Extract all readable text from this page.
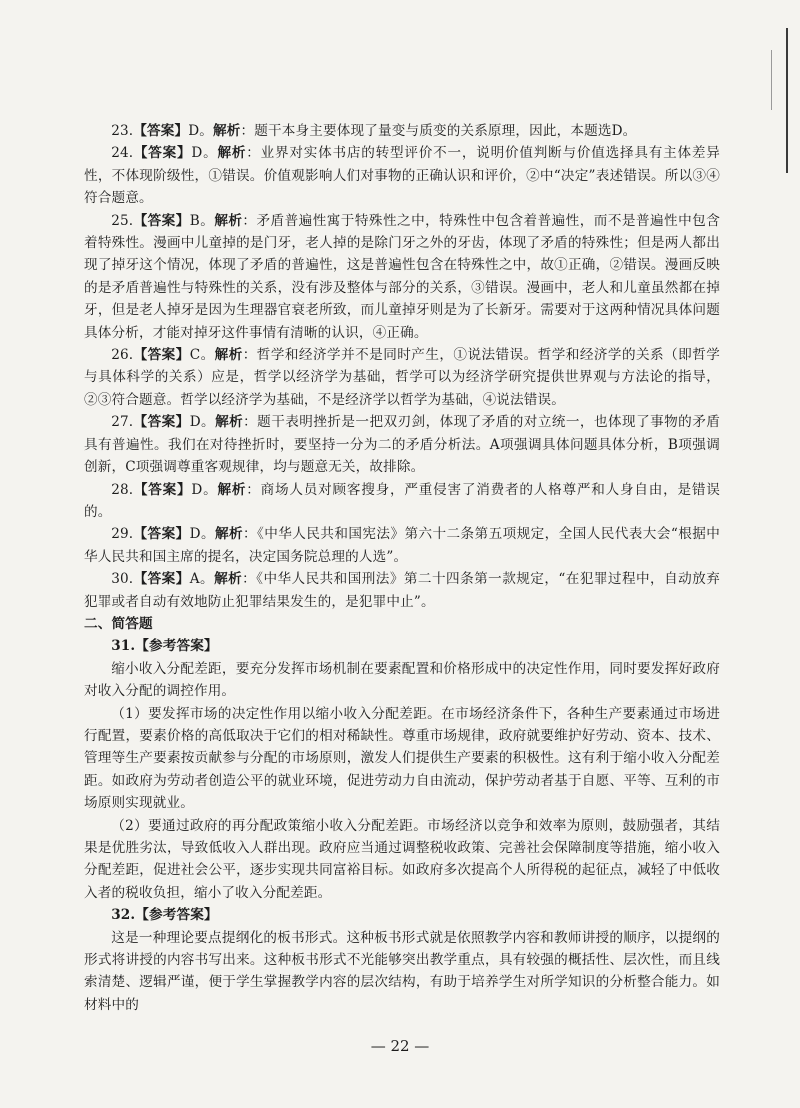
23.【答案】D。解析：题干本身主要体现了量变与质变的关系原理，因此，本题选D。

24.【答案】D。解析：业界对实体书店的转型评价不一，说明价值判断与价值选择具有主体差异性，不体现阶级性，①错误。价值观影响人们对事物的正确认识和评价，②中“决定”表述错误。所以③④符合题意。

25.【答案】B。解析：矛盾普遍性寓于特殊性之中，特殊性中包含着普遍性，而不是普遍性中包含着特殊性。漫画中儿童掉的是门牙，老人掉的是除门牙之外的牙齿，体现了矛盾的特殊性；但是两人都出现了掉牙这个情况，体现了矛盾的普遍性，这是普遍性包含在特殊性之中，故①正确，②错误。漫画反映的是矛盾普遍性与特殊性的关系，没有涉及整体与部分的关系，③错误。漫画中，老人和儿童虽然都在掉牙，但是老人掉牙是因为生理器官衰老所致，而儿童掉牙则是为了长新牙。需要对于这两种情况具体问题具体分析，才能对掉牙这件事情有清晰的认识，④正确。

26.【答案】C。解析：哲学和经济学并不是同时产生，①说法错误。哲学和经济学的关系（即哲学与具体科学的关系）应是，哲学以经济学为基础，哲学可以为经济学研究提供世界观与方法论的指导，②③符合题意。哲学以经济学为基础，不是经济学以哲学为基础，④说法错误。

27.【答案】D。解析：题干表明挫折是一把双刃剑，体现了矛盾的对立统一，也体现了事物的矛盾具有普遍性。我们在对待挫折时，要坚持一分为二的矛盾分析法。A项强调具体问题具体分析，B项强调创新，C项强调尊重客观规律，均与题意无关，故排除。

28.【答案】D。解析：商场人员对顾客搜身，严重侵害了消费者的人格尊严和人身自由，是错误的。

29.【答案】D。解析：《中华人民共和国宪法》第六十二条第五项规定，全国人民代表大会“根据中华人民共和国主席的提名，决定国务院总理的人选”。

30.【答案】A。解析：《中华人民共和国刑法》第二十四条第一款规定，“在犯罪过程中，自动放弃犯罪或者自动有效地防止犯罪结果发生的，是犯罪中止”。

二、简答题

31.【参考答案】

缩小收入分配差距，要充分发挥市场机制在要素配置和价格形成中的决定性作用，同时要发挥好政府对收入分配的调控作用。

（1）要发挥市场的决定性作用以缩小收入分配差距。在市场经济条件下，各种生产要素通过市场进行配置，要素价格的高低取决于它们的相对稀缺性。尊重市场规律，政府就要维护好劳动、资本、技术、管理等生产要素按贡献参与分配的市场原则，激发人们提供生产要素的积极性。这有利于缩小收入分配差距。如政府为劳动者创造公平的就业环境，促进劳动力自由流动，保护劳动者基于自愿、平等、互利的市场原则实现就业。

（2）要通过政府的再分配政策缩小收入分配差距。市场经济以竞争和效率为原则，鼓励强者，其结果是优胜劣汰，导致低收入人群出现。政府应当通过调整税收政策、完善社会保障制度等措施，缩小收入分配差距，促进社会公平，逐步实现共同富裕目标。如政府多次提高个人所得税的起征点，减轻了中低收入者的税收负担，缩小了收入分配差距。

32.【参考答案】

这是一种理论要点提纲化的板书形式。这种板书形式就是依照教学内容和教师讲授的顺序，以提纲的形式将讲授的内容书写出来。这种板书形式不光能够突出教学重点，具有较强的概括性、层次性，而且线索清楚、逻辑严谨，便于学生掌握教学内容的层次结构，有助于培养学生对所学知识的分析整合能力。如材料中的

— 22 —
